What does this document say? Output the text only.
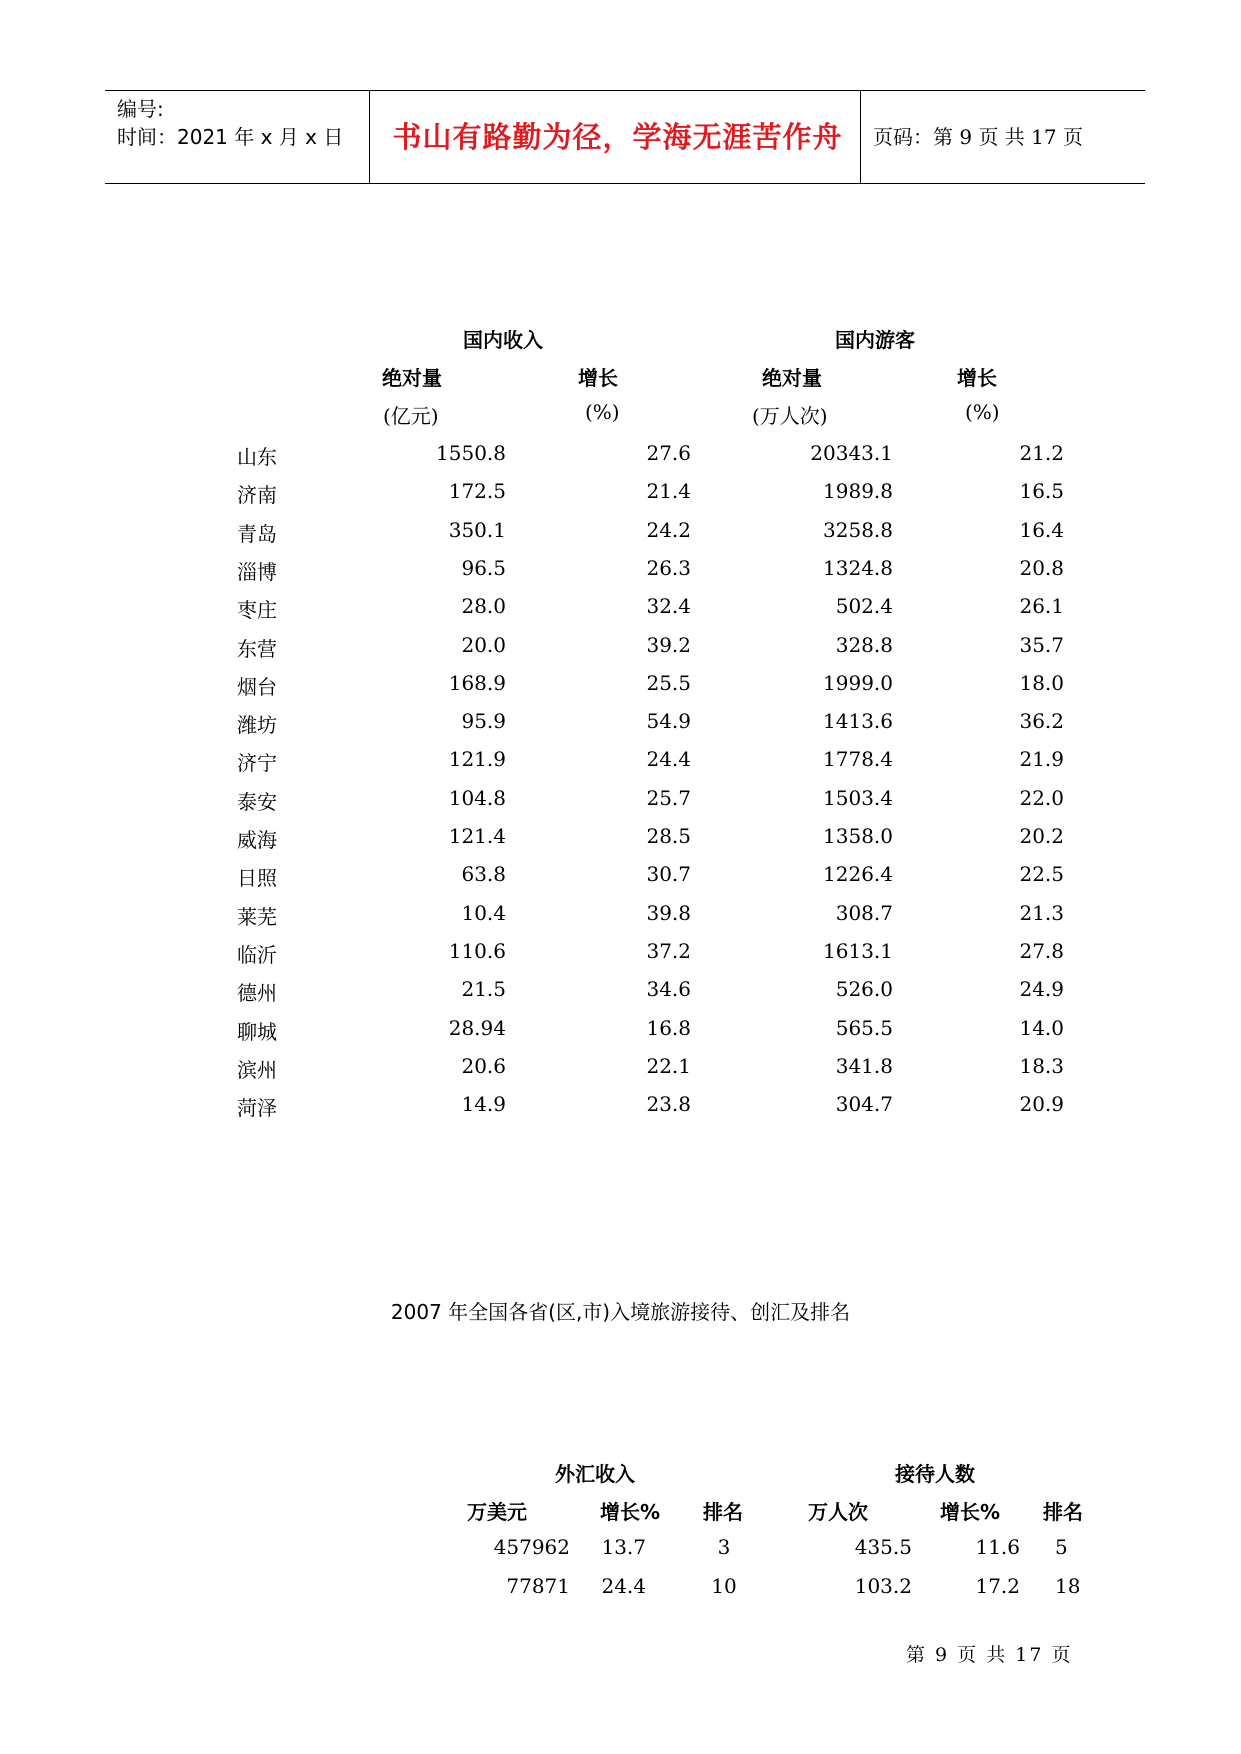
编号:
时间：2021 年 x 月 x 日	书山有路勤为径，学海无涯苦作舟	页码：第 9 页 共 17 页
国内收入	国内游客
绝对量	增长	绝对量	增长
(亿元)	(%)	(万人次)	(%)
山东	1550.8	27.6	20343.1	21.2
济南	172.5	21.4	1989.8	16.5
青岛	350.1	24.2	3258.8	16.4
淄博	96.5	26.3	1324.8	20.8
枣庄	28.0	32.4	502.4	26.1
东营	20.0	39.2	328.8	35.7
烟台	168.9	25.5	1999.0	18.0
潍坊	95.9	54.9	1413.6	36.2
济宁	121.9	24.4	1778.4	21.9
泰安	104.8	25.7	1503.4	22.0
威海	121.4	28.5	1358.0	20.2
日照	63.8	30.7	1226.4	22.5
莱芜	10.4	39.8	308.7	21.3
临沂	110.6	37.2	1613.1	27.8
德州	21.5	34.6	526.0	24.9
聊城	28.94	16.8	565.5	14.0
滨州	20.6	22.1	341.8	18.3
菏泽	14.9	23.8	304.7	20.9
2007 年全国各省(区,市)入境旅游接待、创汇及排名
外汇收入	接待人数
万美元	增长% 排名	万人次	增长% 排名
457962 13.7	3	435.5	11.6 5
77871 24.4	10	103.2	17.2 18
第 9 页 共 17 页
